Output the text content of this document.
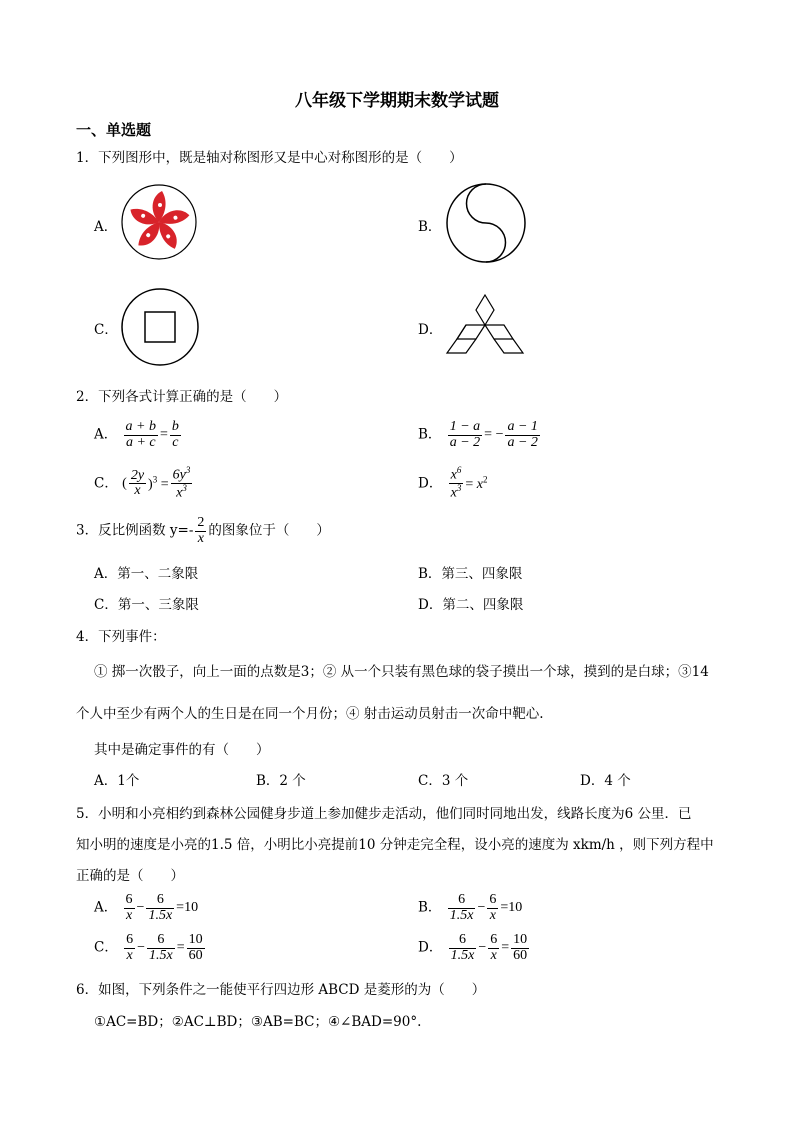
八年级下学期期末数学试题
一、单选题
1．下列图形中，既是轴对称图形又是中心对称图形的是（　　）
A．	B．
C．	D．
2．下列各式计算正确的是（　　）
A． $\frac{a + b}{a + c} = \frac{b}{c}$	B． $\frac{1 - a}{a - 2}$ = − $\frac{a - 1}{a - 2}$
C． ( $\frac{2y}{x} )^3 = \frac{6y^3}{x^3}$	D． $\frac{x^6}{x^3} = x^2$
3．反比例函数 $y=- \frac{2}{x}$ 的图象位于（　　）
A．第一、二象限	B．第三、四象限
C．第一、三象限	D．第二、四象限
4．下列事件：
① 掷一次骰子，向上一面的点数是3；② 从一个只装有黑色球的袋子摸出一个球，摸到的是白球；③14
个人中至少有两个人的生日是在同一个月份；④ 射击运动员射击一次命中靶心.
其中是确定事件的有（　　）
A．1个	B．2 个	C．3 个	D．4 个
5．小明和小亮相约到森林公园健身步道上参加健步走活动，他们同时同地出发，线路长度为6 公里．已
知小明的速度是小亮的1.5 倍，小明比小亮提前10 分钟走完全程，设小亮的速度为 xkm/h ，则下列方程中
正确的是（　　）
A． $\frac{6}{x} - \frac{6}{1.5x} =10$	B． $\frac{6}{1.5x} - \frac{6}{x} =10$
C． $\frac{6}{x} - \frac{6}{1.5x} = \frac{10}{60}$	D． $\frac{6}{1.5x} - \frac{6}{x} = \frac{10}{60}$
6．如图，下列条件之一能使平行四边形 ABCD 是菱形的为（　　）
①AC=BD；②AC⊥BD；③AB=BC；④∠BAD=90°.
